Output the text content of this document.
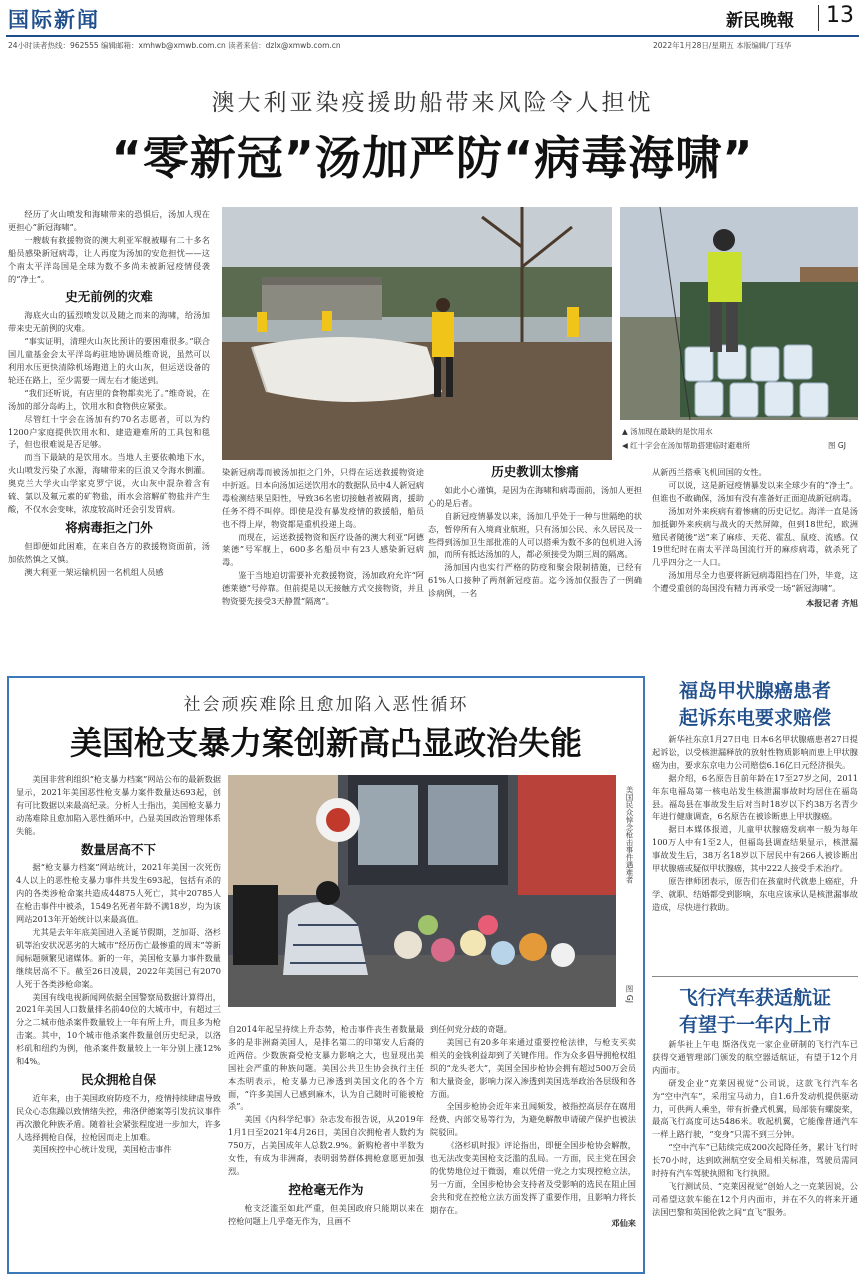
国际新闻	新民晚報 13
24小时读者热线：962555 编辑邮箱：xmhwb@xmwb.com.cn 读者来信：dzlx@xmwb.com.cn	2022年1月28日/星期五 本版编辑/丁珏华
澳大利亚染疫援助船带来风险令人担忧
“零新冠”汤加严防“病毒海啸”

经历了火山喷发和海啸带来的恐惧后，汤加人现在更担心“新冠海啸”。

一艘载有救援物资的澳大利亚军舰被曝有二十多名船员感染新冠病毒，让人再度为汤加的安危担忧——这个南太平洋岛国是全球为数不多尚未被新冠疫情侵袭的“净土”。

史无前例的灾难

海底火山的猛烈喷发以及随之而来的海啸，给汤加带来史无前例的灾难。

“事实证明，清理火山灰比预计的要困难很多。”联合国儿童基金会太平洋岛屿驻地协调员维奇说，虽然可以利用水压更快清除机场跑道上的火山灰，但运送设备的轮还在路上，至少需要一周左右才能送到。

“我们还听说，有店里的食物都卖光了。”维奇说，在汤加的部分岛屿上，饮用水和食物供应紧张。

尽管红十字会在汤加有约70名志愿者，可以为约1200户家庭提供饮用水和、建造避难所的工具包和毯子，但也很难说是否足够。

而当下最缺的是饮用水。当地人主要依赖地下水，火山喷发污染了水源，海啸带来的巨浪又令海水倒灌。奥克兰大学火山学家克罗宁说，火山灰中混杂着含有硫、氯以及氟元素的矿物盐，雨水会溶解矿物盐并产生酸，不仅水会变味，浓度较高时还会引发胃病。

将病毒拒之门外

但即便如此困难，在来自各方的救援物资面前，汤加依然慎之又慎。

澳大利亚一架运输机因一名机组人员感

▲ 汤加现在最缺的是饮用水
◀ 红十字会在汤加帮助搭建临时避难所	图 GJ

染新冠病毒而被汤加拒之门外，只得在运送救援物资途中折返。日本向汤加运送饮用水的数据队员中4人新冠病毒检测结果呈阳性，导致36名密切接触者被隔离，援助任务不得不叫停。即使是没有暴发疫情的救援船，船员也不得上岸，物资都是重机投递上岛。

而现在，运送救援物资和医疗设备的澳大利亚“阿德莱德”号军舰上，600多名船员中有23人感染新冠病毒。

鉴于当地迫切需要补充救援物资，汤加政府允许“阿德莱德”号停靠。但前提是以无接触方式交接物资，并且物资要先接受3天静置“隔离”。

历史教训太惨痛

如此小心谨慎，是因为在海啸和病毒面前，汤加人更担心的是后者。

自新冠疫情暴发以来，汤加几乎处于一种与世隔绝的状态，暂停所有入境商业航班，只有汤加公民、永久居民及一些得到汤加卫生部批准的人可以搭乘为数不多的包机进入汤加，而所有抵达汤加的人，都必须接受为期三周的隔离。

汤加国内也实行严格的防疫和聚会限制措施，已经有61%人口接种了两剂新冠疫苗。迄今汤加仅报告了一例确诊病例，一名

从新西兰搭乘飞机回国的女性。

可以说，这是新冠疫情暴发以来全球少有的“净土”。但谁也不敢确保，汤加有没有准备好正面迎战新冠病毒。

汤加对外来疾病有着惨痛的历史记忆。海洋一直是汤加抵御外来疾病与战火的天然屏障，但到18世纪，欧洲殖民者随後“送”来了麻疹、天花、霍乱、鼠疫、流感。仅19世纪时在南太平洋岛国流行开的麻疹病毒，就杀死了几乎四分之一人口。

汤加用尽全力也要将新冠病毒阻挡在门外，毕竟，这个遭受重创的岛国没有精力再承受一场“新冠海啸”。

本报记者 齐旭
社会顽疾难除且愈加陷入恶性循环
美国枪支暴力案创新高凸显政治失能

美国非营利组织“枪支暴力档案”网站公布的最新数据显示，2021年美国恶性枪支暴力案件数量达693起，创有可比数据以来最高纪录。分析人士指出，美国枪支暴力动荡难除且愈加陷入恶性循环中，凸显美国政治管理体系失能。

数量居高不下

据“枪支暴力档案”网站统计，2021年美国一次死伤4人以上的恶性枪支暴力事件共发生693起，包括有杀的内的各类涉枪命案共造成44875人死亡，其中20785人在枪击事件中被杀，1549名死者年龄不满18岁，均为该网站2013年开始统计以来最高值。

尤其是去年年底美国进入圣诞节假期，芝加哥、洛杉矶等治安状况恶劣的大城市“经历伤亡最惨重的周末”等新闻标题频繁见诸媒体。新的一年，美国枪支暴力事件数量继续居高不下。截至26日凌晨，2022年美国已有2070人死于各类涉枪命案。

美国有线电视新闻网依据全国警察局数据计算得出，2021年美国人口数量排名前40位的大城市中，有超过三分之二城市他杀案件数量较上一年有所上升，而且多为枪击案。其中，10个城市他杀案件数量创历史纪录，以洛杉矶和纽约为例，他杀案件数量较上一年分别上涨12%和4%。

民众拥枪自保

近年来，由于美国政府防疫不力，疫情持续肆虐导致民众心态焦躁以致情绪失控，弗洛伊德案等引发抗议事件再次激化种族矛盾。随着社会紧张程度进一步加大，许多人选择拥枪自保，拉枪因而走上加难。

美国疾控中心统计发现，美国枪击事件

美国民众悼念枪击事件遇难者
图 GJ

自2014年起呈持续上升态势，枪击事件丧生者数量最多的是非洲裔美国人，是排名第二的印第安人后裔的近两倍。少数族裔受枪支暴力影响之大，也显现出美国社会严重的种族问题。美国公共卫生协会执行主任本杰明表示，枪支暴力已渗透到美国文化的各个方面，“许多美国人已感到麻木，认为自己随时可能被枪杀”。

美国《内科学纪事》杂志发布报告说，从2019年1月1日至2021年4月26日，美国自次拥枪者人数约为750万，占美国成年人总数2.9%。新购枪者中半数为女性，有成为非洲裔，表明弱势群体拥枪意愿更加强烈。

控枪毫无作为

枪支泛滥至如此严重，但美国政府只能期以来在控枪问题上几乎毫无作为，且画不

到任何党分歧的奇题。

美国已有20多年来通过重要控枪法律，与枪支买卖相关的金钱利益却到了关键作用。作为众多倡导拥枪权组织的“龙头老大”，美国全国步枪协会拥有超过500万会员和大量资金，影响力深入渗透到美国选举政治各层级和各方面。

全国步枪协会近年来丑闻频发，被指控高层存在腐用经费、内部交易等行为，为避免解散申请破产保护也被法院驳回。

《洛杉矶时报》评论指出，即便全国步枪协会解散，也无法改变美国枪支泛滥的乱局。一方面，民主党在国会的优势地位过于微弱，难以凭借一党之力实现控枪立法，另一方面，全国步枪协会支持者及受影响的选民在阻止国会共和党在控枪立法方面发挥了重要作用，且影响力将长期存在。

邓仙来
福岛甲状腺癌患者
起诉东电要求赔偿

新华社东京1月27日电 日本6名甲状腺癌患者27日提起诉讼，以受核泄漏释放的放射性物质影响而患上甲状腺癌为由，要求东京电力公司赔偿6.16亿日元经济损失。

据介绍，6名原告目前年龄在17至27岁之间，2011年东电福岛第一核电站发生核泄漏事故时均居住在福岛县。福岛县在事故发生后对当时18岁以下约38万名青少年进行健康调查，6名原告在被诊断患上甲状腺癌。

据日本媒体报道，儿童甲状腺癌发病率一般为每年100万人中有1至2人，但福岛县调查结果显示，核泄漏事故发生后，38万名18岁以下居民中有266人被诊断出甲状腺癌或疑似甲状腺癌，其中222人接受手术治疗。

原告律师团表示，原告们在孩童时代就患上癌症，升学、就职、结婚都受到影响，东电应该承认是核泄漏事故造成，尽快进行救助。

飞行汽车获适航证
有望于一年内上市

新华社上午电 斯洛伐克一家企业研制的飞行汽车已获得交通管理部门颁发的航空器适航证，有望于12个月内面市。

研发企业“克莱因视觉”公司说，这款飞行汽车名为“空中汽车”，采用宝马动力，自1.6升发动机提供驱动力，可供两人乘坐，带有折叠式机翼，局部装有螺旋桨，最高飞行高度可达5486米。收起机翼，它能像普通汽车一样上路行驶，“变身”只需不到三分钟。

“空中汽车”已陆续完成200次起降任务，累计飞行时长70小时，达到欧洲航空安全局相关标准，驾驶员需同时持有汽车驾驶执照和飞行执照。

飞行测试员、“克莱因视觉”创始人之一克莱因说，公司希望这款车能在12个月内面市，并在不久的将来开通法国巴黎和英国伦敦之间“直飞”服务。
